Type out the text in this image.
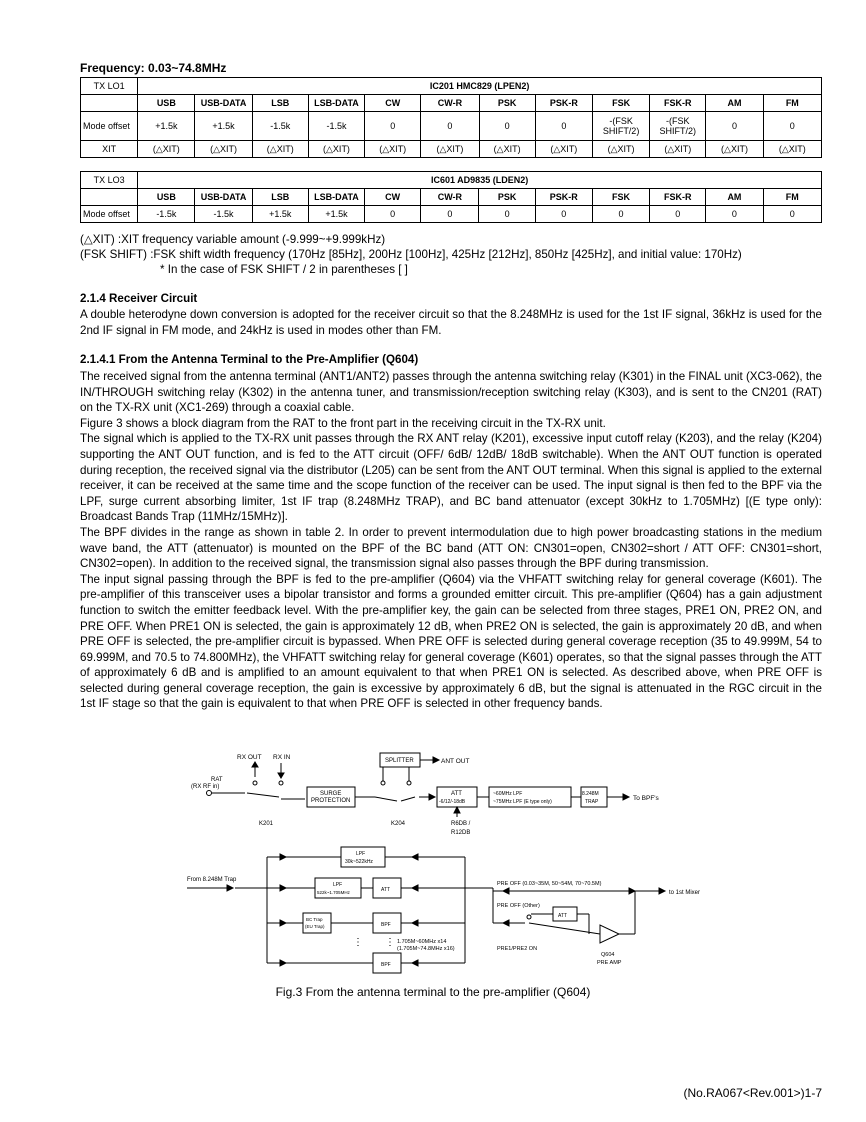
Frequency: 0.03~74.8MHz
TX LO1	IC201 HMC829 (LPEN2)											
	USB	USB-DATA	LSB	LSB-DATA	CW	CW-R	PSK	PSK-R	FSK	FSK-R	AM	FM
Mode offset	+1.5k	+1.5k	-1.5k	-1.5k	0	0	0	0	-(FSK SHIFT/2)	-(FSK SHIFT/2)	0	0
XIT	(△XIT)	(△XIT)	(△XIT)	(△XIT)	(△XIT)	(△XIT)	(△XIT)	(△XIT)	(△XIT)	(△XIT)	(△XIT)	(△XIT)
TX LO3	IC601 AD9835 (LDEN2)											
	USB	USB-DATA	LSB	LSB-DATA	CW	CW-R	PSK	PSK-R	FSK	FSK-R	AM	FM
Mode offset	-1.5k	-1.5k	+1.5k	+1.5k	0	0	0	0	0	0	0	0
(△XIT) :XIT frequency variable amount (-9.999~+9.999kHz)
(FSK SHIFT) :FSK shift width frequency (170Hz [85Hz], 200Hz [100Hz], 425Hz [212Hz], 850Hz [425Hz], and initial value: 170Hz)
* In the case of FSK SHIFT / 2 in parentheses [ ]
2.1.4 Receiver Circuit

A double heterodyne down conversion is adopted for the receiver circuit so that the 8.248MHz is used for the 1st IF signal, 36kHz is used for the 2nd IF signal in FM mode, and 24kHz is used in modes other than FM.

2.1.4.1 From the Antenna Terminal to the Pre-Amplifier (Q604)

The received signal from the antenna terminal (ANT1/ANT2) passes through the antenna switching relay (K301) in the FINAL unit (XC3-062), the IN/THROUGH switching relay (K302) in the antenna tuner, and transmission/reception switching relay (K303), and is sent to the CN201 (RAT) on the TX-RX unit (XC1-269) through a coaxial cable.

Figure 3 shows a block diagram from the RAT to the front part in the receiving circuit in the TX-RX unit.

The signal which is applied to the TX-RX unit passes through the RX ANT relay (K201), excessive input cutoff relay (K203), and the relay (K204) supporting the ANT OUT function, and is fed to the ATT circuit (OFF/ 6dB/ 12dB/ 18dB switchable). When the ANT OUT function is operated during reception, the received signal via the distributor (L205) can be sent from the ANT OUT terminal. When this signal is applied to the external receiver, it can be received at the same time and the scope function of the receiver can be used. The input signal is then fed to the BPF via the LPF, surge current absorbing limiter, 1st IF trap (8.248MHz TRAP), and BC band attenuator (except 30kHz to 1.705MHz) [(E type only): Broadcast Bands Trap (11MHz/15MHz)].

The BPF divides in the range as shown in table 2. In order to prevent intermodulation due to high power broadcasting stations in the medium wave band, the ATT (attenuator) is mounted on the BPF of the BC band (ATT ON: CN301=open, CN302=short / ATT OFF: CN301=short, CN302=open). In addition to the received signal, the transmission signal also passes through the BPF during transmission.

The input signal passing through the BPF is fed to the pre-amplifier (Q604) via the VHFATT switching relay for general coverage (K601). The pre-amplifier of this transceiver uses a bipolar transistor and forms a grounded emitter circuit. This pre-amplifier (Q604) has a gain adjustment function to switch the emitter feedback level. With the pre-amplifier key, the gain can be selected from three stages, PRE1 ON, PRE2 ON, and PRE OFF. When PRE1 ON is selected, the gain is approximately 12 dB, when PRE2 ON is selected, the gain is approximately 20 dB, and when PRE OFF is selected, the pre-amplifier circuit is bypassed. When PRE OFF is selected during general coverage reception (35 to 49.999M, 54 to 69.999M, and 70.5 to 74.800MHz), the VHFATT switching relay for general coverage (K601) operates, so that the signal passes through the ATT of approximately 6 dB and is amplified to an amount equivalent to that when PRE1 ON is selected. As described above, when PRE OFF is selected during general coverage reception, the gain is excessive by approximately 6 dB, but the signal is attenuated in the RGC circuit in the 1st IF stage so that the gain is equivalent to that when PRE OFF is selected in other frequency bands.

RX OUT RX IN
RAT
(RX RF in)
SURGE
PROTECTION
SPLITTER	ANT OUT
ATT
-6/12/-18dB
~60MHz LPF
~75MHz LPF (E type only)
8.248M
TRAP	To BPF's
K201	K204	R6DB /
R12DB
From 8.248M Trap
LPF
30k~522kHz
LPF
522k~1.705MHz	ATT
BC Trap
(EU Trap)	BPF
⋮ ⋮ 1.705M~60MHz x14
(1.705M~74.8MHz x16)
BPF
PRE OFF (0.03~35M, 50~54M, 70~70.5M)
PRE OFF (Other)
ATT
PRE1/PRE2 ON
Q604
PRE AMP
to 1st Mixer
Fig.3 From the antenna terminal to the pre-amplifier (Q604)
(No.RA067<Rev.001>)1-7
